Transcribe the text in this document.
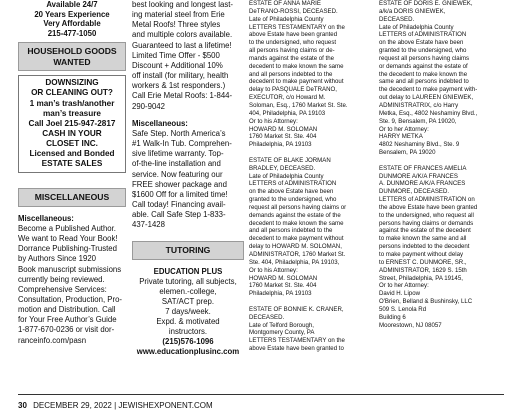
Available 24/7
20 Years Experience
Very Affordable
215-477-1050
HOUSEHOLD GOODS
WANTED
DOWNSIZING
OR CLEANING OUT?
1 man’s trash/another
man’s treasure
Call Joel 215-947-2817
CASH IN YOUR
CLOSET INC.
Licensed and Bonded
ESTATE SALES
MISCELLANEOUS
Miscellaneous:
Become a Published Author.
We want to Read Your Book!
Dorrance Publishing-Trusted
by Authors Since 1920
Book manuscript submissions
currently being reviewed.
Comprehensive Services:
Consultation, Production, Pro-
motion and Distribution. Call
for Your Free Author’s Guide
1-877-670-0236 or visit dor-
ranceinfo.com/pasn
best looking and longest last-
ing material steel from Erie
Metal Roofs! Three styles
and multiple colors available.
Guaranteed to last a lifetime!
Limited Time Offer - $500
Discount + Additional 10%
off install (for military, health
workers & 1st responders.)
Call Erie Metal Roofs: 1-844-
290-9042
Miscellaneous:
Safe Step. North America’s
#1 Walk-In Tub. Comprehen-
sive lifetime warranty. Top-
of-the-line installation and
service. Now featuring our
FREE shower package and
$1600 Off for a limited time!
Call today! Financing avail-
able. Call Safe Step 1-833-
437-1428
TUTORING
EDUCATION PLUS
Private tutoring, all subjects,
elemen.-college,
SAT/ACT prep.
7 days/week.
Expd. & motivated
instructors.
(215)576-1096
www.educationplusinc.com
ESTATE OF ANNA MARIE
DeTRANO-ROSSI, DECEASED.
Late of Philadelphia County
LETTERS TESTAMENTARY on the
above Estate have been granted
to the undersigned, who request
all persons having claims or de-
mands against the estate of the
decedent to make known the same
and all persons indebted to the
decedent to make payment without
delay to PASQUALE DeTRANO,
EXECUTOR, c/o Howard M.
Soloman, Esq., 1760 Market St. Ste.
404, Philadelphia, PA 19103
Or to his Attorney:
HOWARD M. SOLOMAN
1760 Market St. Ste. 404
Philadelphia, PA 19103

ESTATE OF BLAKE JORMAN
BRADLEY, DECEASED.
Late of Philadelphia County
LETTERS of ADMINISTRATION
on the above Estate have been
granted to the undersigned, who
request all persons having claims or
demands against the estate of the
decedent to make known the same
and all persons indebted to the
decedent to make payment without
delay to HOWARD M. SOLOMAN,
ADMINISTRATOR, 1760 Market St.
Ste. 404, Philadelphia, PA 19103,
Or to his Attorney:
HOWARD M. SOLOMAN
1760 Market St. Ste. 404
Philadelphia, PA 19103

ESTATE OF BONNIE K. CRANER,
DECEASED.
Late of Telford Borough,
Montgomery County, PA
LETTERS TESTAMENTARY on the
above Estate have been granted to
ESTATE OF DORIS E. GNIEWEK,
a/k/a DORIS GNIEWEK,
DECEASED.
Late of Philadelphia County
LETTERS of ADMINISTRATION
on the above Estate have been
granted to the undersigned, who
request all persons having claims
or demands against the estate of
the decedent to make known the
same and all persons indebted to
the decedent to make payment with-
out delay to LAUREEN GNIEWEK,
ADMINISTRATRIX, c/o Harry
Metka, Esq., 4802 Neshaminy Blvd.,
Ste. 9, Bensalem, PA 19020,
Or to her Attorney:
HARRY METKA
4802 Neshaminy Blvd., Ste. 9
Bensalem, PA 19020

ESTATE OF FRANCES AMELIA
DUNMORE A/K/A FRANCES
A. DUNMORE A/K/A FRANCES
DUNMORE, DECEASED.
LETTERS of ADMINISTRATION on
the above Estate have been granted
to the undersigned, who request all
persons having claims or demands
against the estate of the decedent
to make known the same and all
persons indebted to the decedent
to make payment without delay
to ERNEST C. DUNMORE, SR.,
ADMINISTRATOR, 1629 S. 15th
Street, Philadelphia, PA 19145,
Or to her Attorney:
David H. Lipow
O'Brien, Belland & Bushinsky, LLC
509 S. Lenola Rd
Building 6
Moorestown, NJ 08057
30 DECEMBER 29, 2022 | JEWISHEXPONENT.COM
